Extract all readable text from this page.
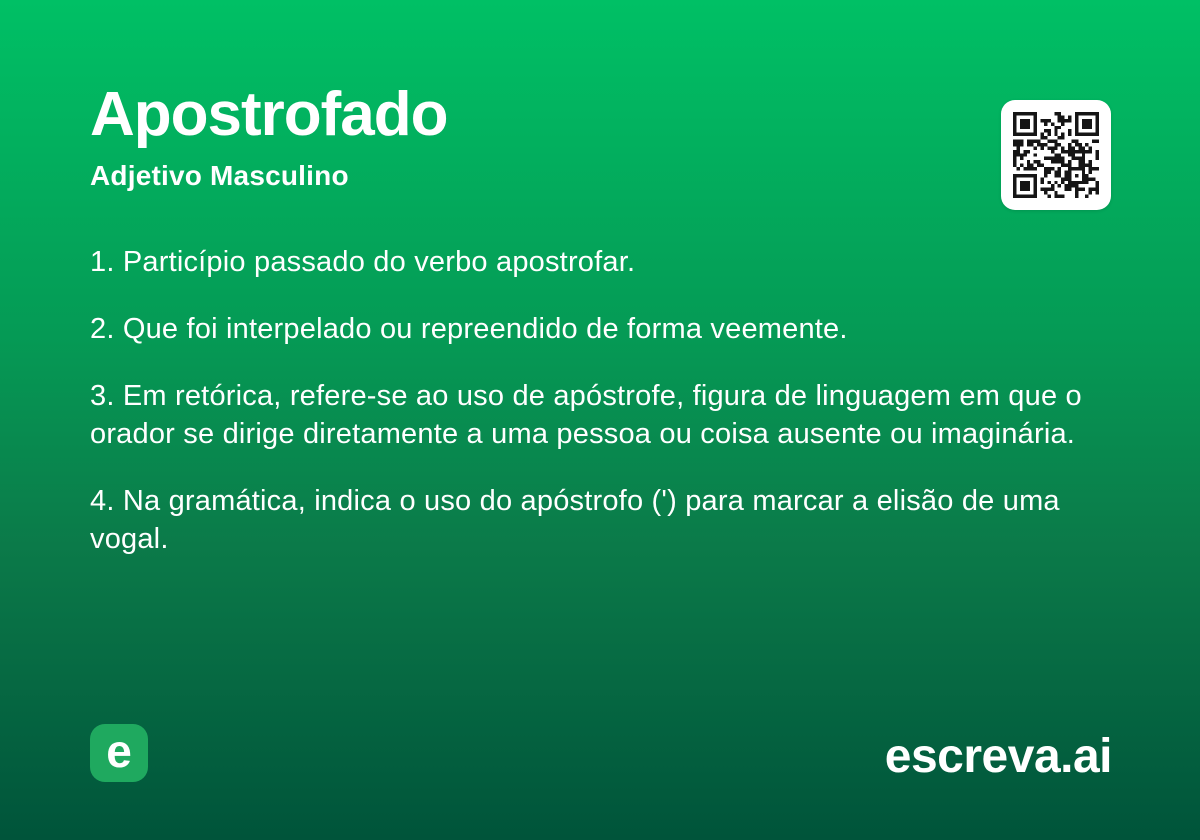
Apostrofado
Adjetivo Masculino

1. Particípio passado do verbo apostrofar.

2. Que foi interpelado ou repreendido de forma veemente.

3. Em retórica, refere-se ao uso de apóstrofe, figura de linguagem em que o orador se dirige diretamente a uma pessoa ou coisa ausente ou imaginária.

4. Na gramática, indica o uso do apóstrofo (') para marcar a elisão de uma vogal.

e	escreva.ai
